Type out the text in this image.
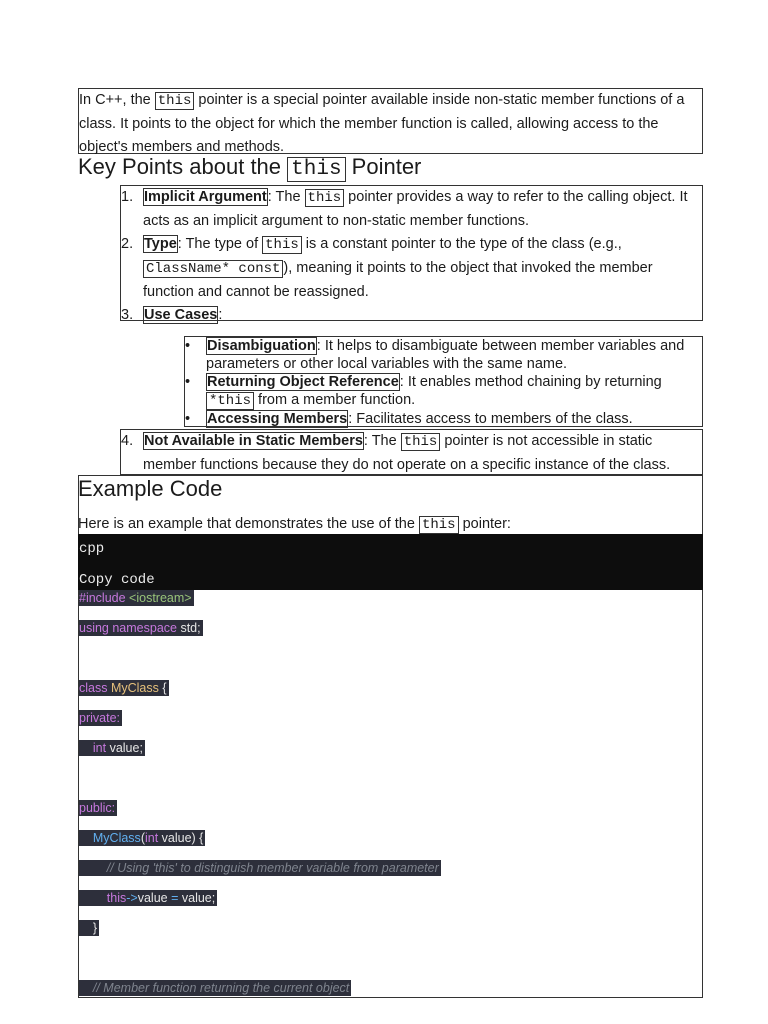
In C++, the this pointer is a special pointer available inside non-static member functions of a class. It points to the object for which the member function is called, allowing access to the object's members and methods.
Key Points about the this Pointer
1. Implicit Argument: The this pointer provides a way to refer to the calling object. It acts as an implicit argument to non-static member functions.
2. Type: The type of this is a constant pointer to the type of the class (e.g., ClassName* const ), meaning it points to the object that invoked the member function and cannot be reassigned.
3. Use Cases:
• Disambiguation: It helps to disambiguate between member variables and parameters or other local variables with the same name.
• Returning Object Reference: It enables method chaining by returning *this from a member function.
• Accessing Members: Facilitates access to members of the class.
4. Not Available in Static Members: The this pointer is not accessible in static member functions because they do not operate on a specific instance of the class.
Example Code
Here is an example that demonstrates the use of the this pointer:
cpp
Copy code
#include <iostream>
using namespace std;
class MyClass {
private:
int value;
public:
MyClass(int value) {
// Using 'this' to distinguish member variable from parameter
this->value = value;
}
// Member function returning the current object
